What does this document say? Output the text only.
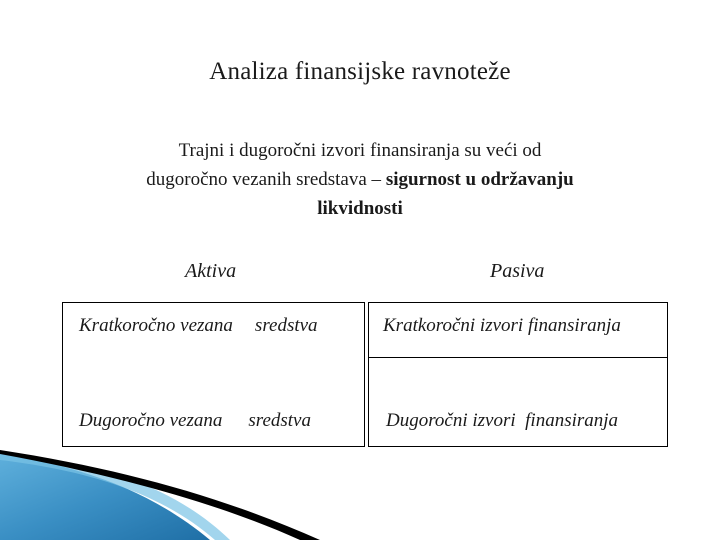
Analiza finansijske ravnoteže
Trajni i dugoročni izvori finansiranja su veći od
dugoročno vezanih sredstava – sigurnost u održavanju
likvidnosti
Aktiva	Pasiva
Kratkoročno vezana sredstva
Dugoročno vezana sredstva
Kratkoročni izvori finansiranja
Dugoročni izvori  finansiranja
